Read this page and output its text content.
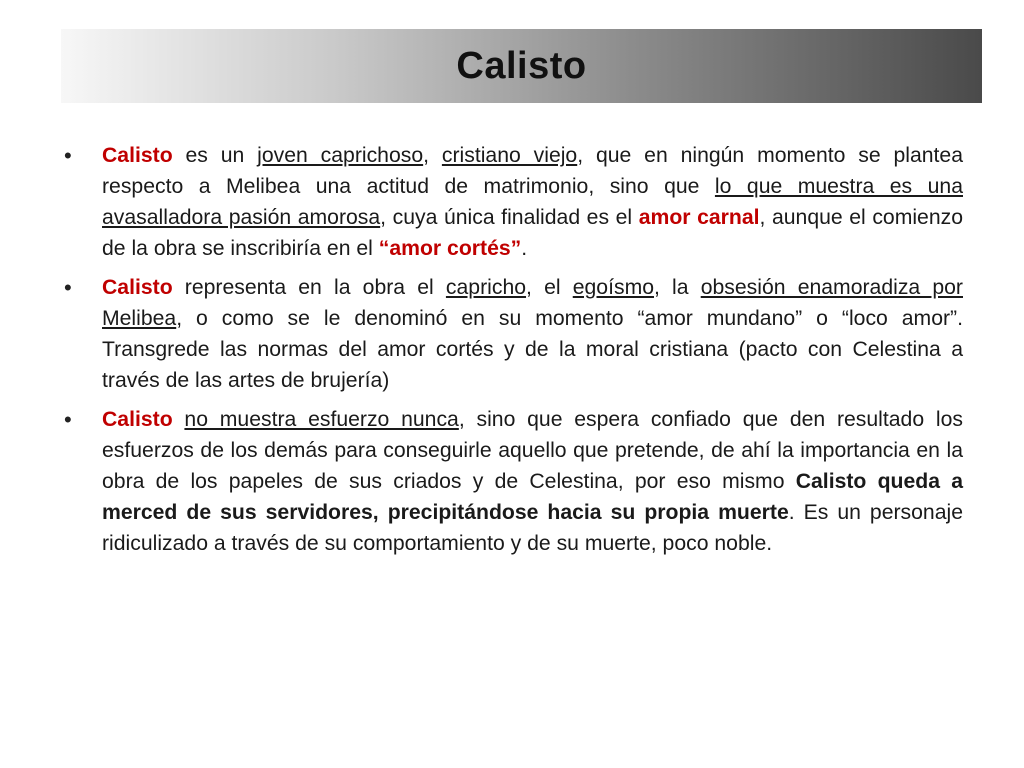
Calisto
• Calisto es un joven caprichoso, cristiano viejo, que en ningún momento se plantea respecto a Melibea una actitud de matrimonio, sino que lo que muestra es una avasalladora pasión amorosa, cuya única finalidad es el amor carnal, aunque el comienzo de la obra se inscribiría en el “amor cortés”.
• Calisto representa en la obra el capricho, el egoísmo, la obsesión enamoradiza por Melibea, o como se le denominó en su momento “amor mundano” o “loco amor”. Transgrede las normas del amor cortés y de la moral cristiana (pacto con Celestina a través de las artes de brujería)
• Calisto no muestra esfuerzo nunca, sino que espera confiado que den resultado los esfuerzos de los demás para conseguirle aquello que pretende, de ahí la importancia en la obra de los papeles de sus criados y de Celestina, por eso mismo Calisto queda a merced de sus servidores, precipitándose hacia su propia muerte. Es un personaje ridiculizado a través de su comportamiento y de su muerte, poco noble.
